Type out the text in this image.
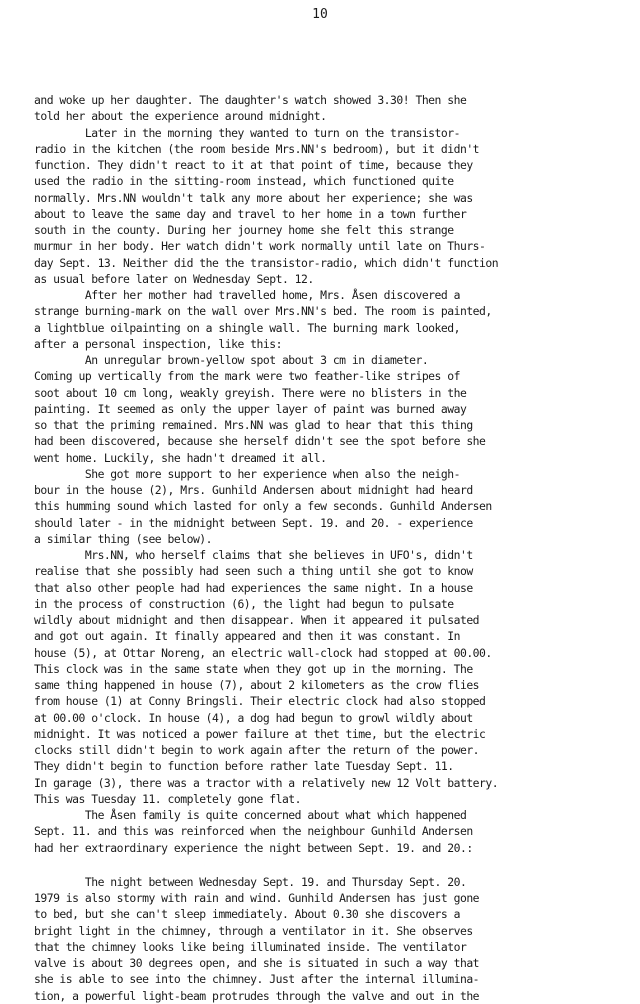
10
and woke up her daughter. The daughter's watch showed 3.30! Then she
told her about the experience around midnight.
Later in the morning they wanted to turn on the transistor-
radio in the kitchen (the room beside Mrs.NN's bedroom), but it didn't
function. They didn't react to it at that point of time, because they
used the radio in the sitting-room instead, which functioned quite
normally. Mrs.NN wouldn't talk any more about her experience; she was
about to leave the same day and travel to her home in a town further
south in the county. During her journey home she felt this strange
murmur in her body. Her watch didn't work normally until late on Thurs-
day Sept. 13. Neither did the the transistor-radio, which didn't function
as usual before later on Wednesday Sept. 12.
After her mother had travelled home, Mrs. Åsen discovered a
strange burning-mark on the wall over Mrs.NN's bed. The room is painted,
a lightblue oilpainting on a shingle wall. The burning mark looked,
after a personal inspection, like this:
An unregular brown-yellow spot about 3 cm in diameter.
Coming up vertically from the mark were two feather-like stripes of
soot about 10 cm long, weakly greyish. There were no blisters in the
painting. It seemed as only the upper layer of paint was burned away
so that the priming remained. Mrs.NN was glad to hear that this thing
had been discovered, because she herself didn't see the spot before she
went home. Luckily, she hadn't dreamed it all.
She got more support to her experience when also the neigh-
bour in the house (2), Mrs. Gunhild Andersen about midnight had heard
this humming sound which lasted for only a few seconds. Gunhild Andersen
should later - in the midnight between Sept. 19. and 20. - experience
a similar thing (see below).
Mrs.NN, who herself claims that she believes in UFO's, didn't
realise that she possibly had seen such a thing until she got to know
that also other people had had experiences the same night. In a house
in the process of construction (6), the light had begun to pulsate
wildly about midnight and then disappear. When it appeared it pulsated
and got out again. It finally appeared and then it was constant. In
house (5), at Ottar Noreng, an electric wall-clock had stopped at 00.00.
This clock was in the same state when they got up in the morning. The
same thing happened in house (7), about 2 kilometers as the crow flies
from house (1) at Conny Bringsli. Their electric clock had also stopped
at 00.00 o'clock. In house (4), a dog had begun to growl wildly about
midnight. It was noticed a power failure at thet time, but the electric
clocks still didn't begin to work again after the return of the power.
They didn't begin to function before rather late Tuesday Sept. 11.
In garage (3), there was a tractor with a relatively new 12 Volt battery.
This was Tuesday 11. completely gone flat.
The Åsen family is quite concerned about what which happened
Sept. 11. and this was reinforced when the neighbour Gunhild Andersen
had her extraordinary experience the night between Sept. 19. and 20.:
The night between Wednesday Sept. 19. and Thursday Sept. 20.
1979 is also stormy with rain and wind. Gunhild Andersen has just gone
to bed, but she can't sleep immediately. About 0.30 she discovers a
bright light in the chimney, through a ventilator in it. She observes
that the chimney looks like being illuminated inside. The ventilator
valve is about 30 degrees open, and she is situated in such a way that
she is able to see into the chimney. Just after the internal illumina-
tion, a powerful light-beam protrudes through the valve and out in the
